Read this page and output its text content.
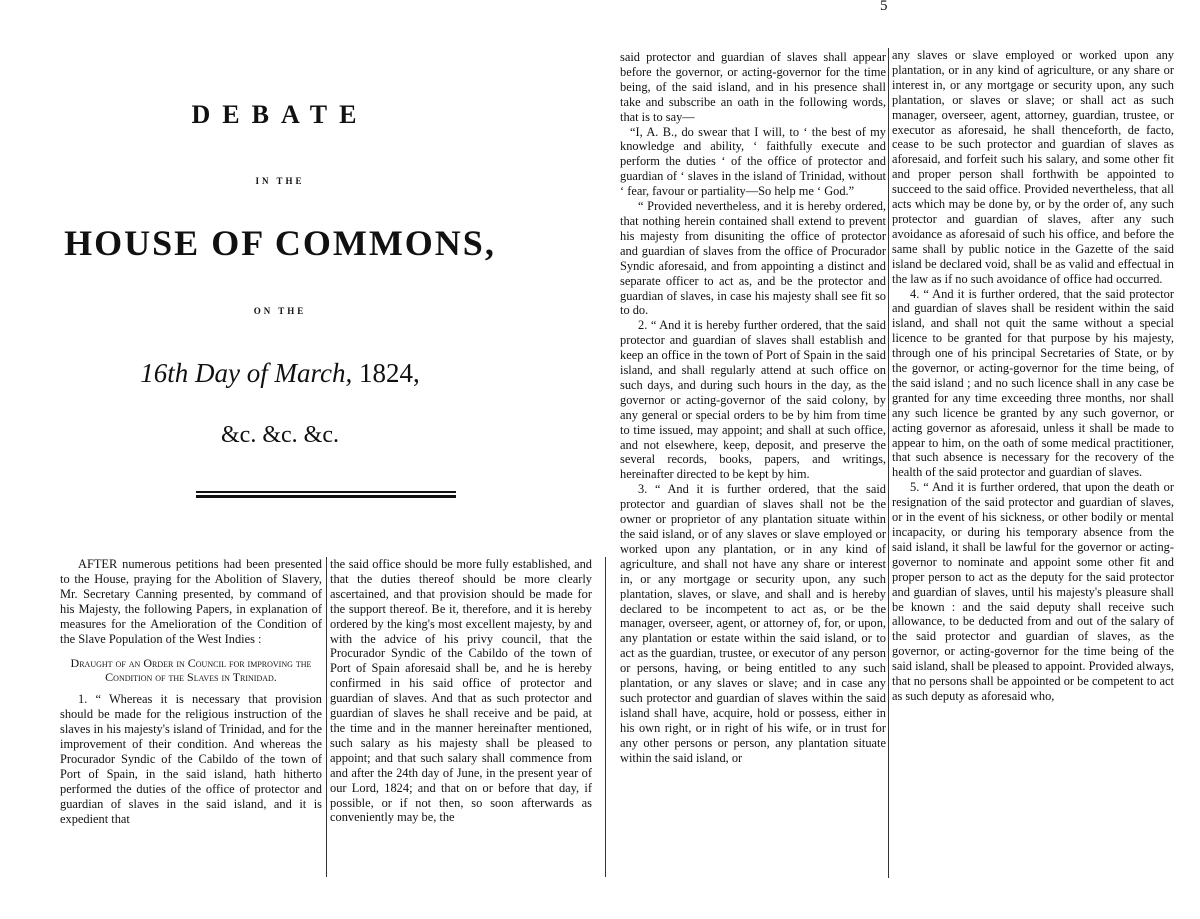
DEBATE
IN THE
HOUSE OF COMMONS,
ON THE
16th Day of March, 1824,
&c. &c. &c.
5

AFTER numerous petitions had been presented to the House, praying for the Abolition of Slavery, Mr. Secretary Canning presented, by command of his Majesty, the following Papers, in explanation of measures for the Amelioration of the Condition of the Slave Population of the West Indies :

Draught of an Order in Council for improving the Condition of the Slaves in Trinidad.

1. “ Whereas it is necessary that provision should be made for the religious instruction of the slaves in his majesty's island of Trinidad, and for the improvement of their condition. And whereas the Procurador Syndic of the Cabildo of the town of Port of Spain, in the said island, hath hitherto performed the duties of the office of protector and guardian of slaves in the said island, and it is expedient that

the said office should be more fully established, and that the duties thereof should be more clearly ascertained, and that provision should be made for the support thereof. Be it, therefore, and it is hereby ordered by the king's most excellent majesty, by and with the advice of his privy council, that the Procurador Syndic of the Cabildo of the town of Port of Spain aforesaid shall be, and he is hereby confirmed in his said office of protector and guardian of slaves. And that as such protector and guardian of slaves he shall receive and be paid, at the time and in the manner hereinafter mentioned, such salary as his majesty shall be pleased to appoint; and that such salary shall commence from and after the 24th day of June, in the present year of our Lord, 1824; and that on or before that day, if possible, or if not then, so soon afterwards as conveniently may be, the

said protector and guardian of slaves shall appear before the governor, or acting-governor for the time being, of the said island, and in his presence shall take and subscribe an oath in the following words, that is to say—

“I, A. B., do swear that I will, to ‘ the best of my knowledge and ability, ‘ faithfully execute and perform the duties ‘ of the office of protector and guardian of ‘ slaves in the island of Trinidad, without ‘ fear, favour or partiality—So help me ‘ God.”

“ Provided nevertheless, and it is hereby ordered, that nothing herein contained shall extend to prevent his majesty from disuniting the office of protector and guardian of slaves from the office of Procurador Syndic aforesaid, and from appointing a distinct and separate officer to act as, and be the protector and guardian of slaves, in case his majesty shall see fit so to do.

2. “ And it is hereby further ordered, that the said protector and guardian of slaves shall establish and keep an office in the town of Port of Spain in the said island, and shall regularly attend at such office on such days, and during such hours in the day, as the governor or acting-governor of the said colony, by any general or special orders to be by him from time to time issued, may appoint; and shall at such office, and not elsewhere, keep, deposit, and preserve the several records, books, papers, and writings, hereinafter directed to be kept by him.

3. “ And it is further ordered, that the said protector and guardian of slaves shall not be the owner or proprietor of any plantation situate within the said island, or of any slaves or slave employed or worked upon any plantation, or in any kind of agriculture, and shall not have any share or interest in, or any mortgage or security upon, any such plantation, slaves, or slave, and shall and is hereby declared to be incompetent to act as, or be the manager, overseer, agent, or attorney of, for, or upon, any plantation or estate within the said island, or to act as the guardian, trustee, or executor of any person or persons, having, or being entitled to any such plantation, or any slaves or slave; and in case any such protector and guardian of slaves within the said island shall have, acquire, hold or possess, either in his own right, or in right of his wife, or in trust for any other persons or person, any plantation situate within the said island, or

any slaves or slave employed or worked upon any plantation, or in any kind of agriculture, or any share or interest in, or any mortgage or security upon, any such plantation, or slaves or slave; or shall act as such manager, overseer, agent, attorney, guardian, trustee, or executor as aforesaid, he shall thenceforth, de facto, cease to be such protector and guardian of slaves as aforesaid, and forfeit such his salary, and some other fit and proper person shall forthwith be appointed to succeed to the said office. Provided nevertheless, that all acts which may be done by, or by the order of, any such protector and guardian of slaves, after any such avoidance as aforesaid of such his office, and before the same shall by public notice in the Gazette of the said island be declared void, shall be as valid and effectual in the law as if no such avoidance of office had occurred.

4. “ And it is further ordered, that the said protector and guardian of slaves shall be resident within the said island, and shall not quit the same without a special licence to be granted for that purpose by his majesty, through one of his principal Secretaries of State, or by the governor, or acting-governor for the time being, of the said island ; and no such licence shall in any case be granted for any time exceeding three months, nor shall any such licence be granted by any such governor, or acting governor as aforesaid, unless it shall be made to appear to him, on the oath of some medical practitioner, that such absence is necessary for the recovery of the health of the said protector and guardian of slaves.

5. “ And it is further ordered, that upon the death or resignation of the said protector and guardian of slaves, or in the event of his sickness, or other bodily or mental incapacity, or during his temporary absence from the said island, it shall be lawful for the governor or acting-governor to nominate and appoint some other fit and proper person to act as the deputy for the said protector and guardian of slaves, until his majesty's pleasure shall be known : and the said deputy shall receive such allowance, to be deducted from and out of the salary of the said protector and guardian of slaves, as the governor, or acting-governor for the time being of the said island, shall be pleased to appoint. Provided always, that no persons shall be appointed or be competent to act as such deputy as aforesaid who,
